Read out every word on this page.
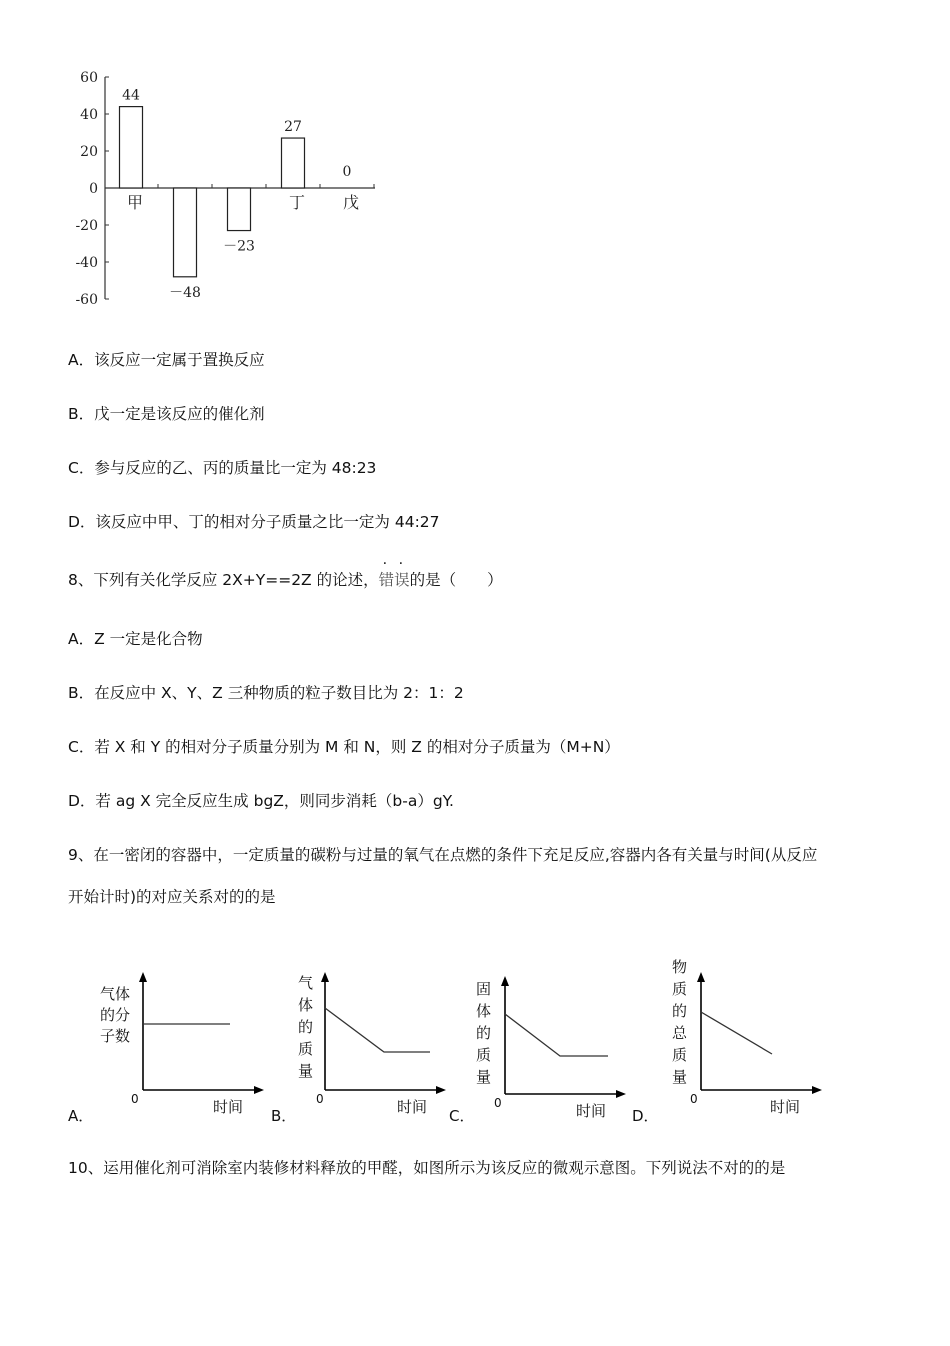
60
40
20
0
-20
-40
-60
甲
44
－48
－23
丁
27
戊
0
A．该反应一定属于置换反应
B．戊一定是该反应的催化剂
C．参与反应的乙、丙的质量比一定为 48:23
D．该反应中甲、丁的相对分子质量之比一定为 44:27
8、下列有关化学反应 2X+Y==2Z 的论述，
· ·
错误的是（　　）
A．Z 一定是化合物
B．在反应中 X、Y、Z 三种物质的粒子数目比为 2：1：2
C．若 X 和 Y 的相对分子质量分别为 M 和 N，则 Z 的相对分子质量为（M+N）
D．若 ag X 完全反应生成 bgZ，则同步消耗（b-a）gY.
9、在一密闭的容器中，一定质量的碳粉与过量的氧气在点燃的条件下充足反应,容器内各有关量与时间(从反应
开始计时)的对应关系对的的是
A．
气体
的分
子数
0	时间 B．
气
体
的
质
量
0	时间 C．
固
体
的
质
量
0	时间 D．
物
质
的
总
质
量
0	时间
10、运用催化剂可消除室内装修材料释放的甲醛，如图所示为该反应的微观示意图。下列说法不对的的是
